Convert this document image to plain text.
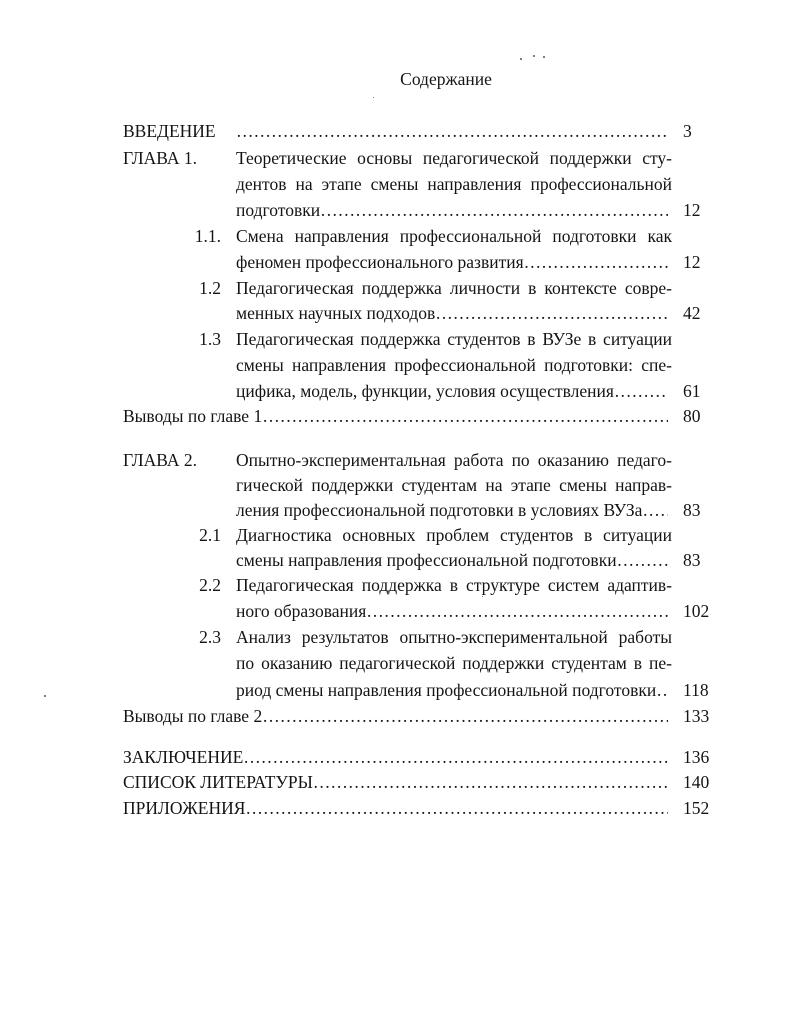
Содержание
ВВЕДЕНИЕ ……………………………………………………………………………………………………………………………………	3
ГЛАВА 1. Теоретические основы педагогической поддержки сту-
дентов на этапе смены направления профессиональной
подготовки ……………………………………………………………………………………………………………………………………	12
1.1. Смена направления профессиональной подготовки как
феномен профессионального развития ……………………………………………………………………………………………………………………………………	12
1.2 Педагогическая поддержка личности в контексте совре-
менных научных подходов ……………………………………………………………………………………………………………………………………	42
1.3 Педагогическая поддержка студентов в ВУЗе в ситуации
смены направления профессиональной подготовки: спе-
цифика, модель, функции, условия осуществления ……………………………………………………………………………………………………………………………………	61
Выводы по главе 1 ……………………………………………………………………………………………………………………………………	80
ГЛАВА 2. Опытно-экспериментальная работа по оказанию педаго-
гической поддержки студентам на этапе смены направ-
ления профессиональной подготовки в условиях ВУЗа …………………………………………………………………………………………………………………………………… 83
2.1 Диагностика основных проблем студентов в ситуации
смены направления профессиональной подготовки ……………………………………………………………………………………………………………………………………	83
2.2 Педагогическая поддержка в структуре систем адаптив-
ного образования ……………………………………………………………………………………………………………………………………	102
2.3 Анализ результатов опытно-экспериментальной работы
по оказанию педагогической поддержки студентам в пе-
риод смены направления профессиональной подготовки …………………………………………………………………………………………………………………………………… 118
Выводы по главе 2 ……………………………………………………………………………………………………………………………………	133
ЗАКЛЮЧЕНИЕ ……………………………………………………………………………………………………………………………………	136
СПИСОК ЛИТЕРАТУРЫ ……………………………………………………………………………………………………………………………………	140
ПРИЛОЖЕНИЯ ……………………………………………………………………………………………………………………………………	152
